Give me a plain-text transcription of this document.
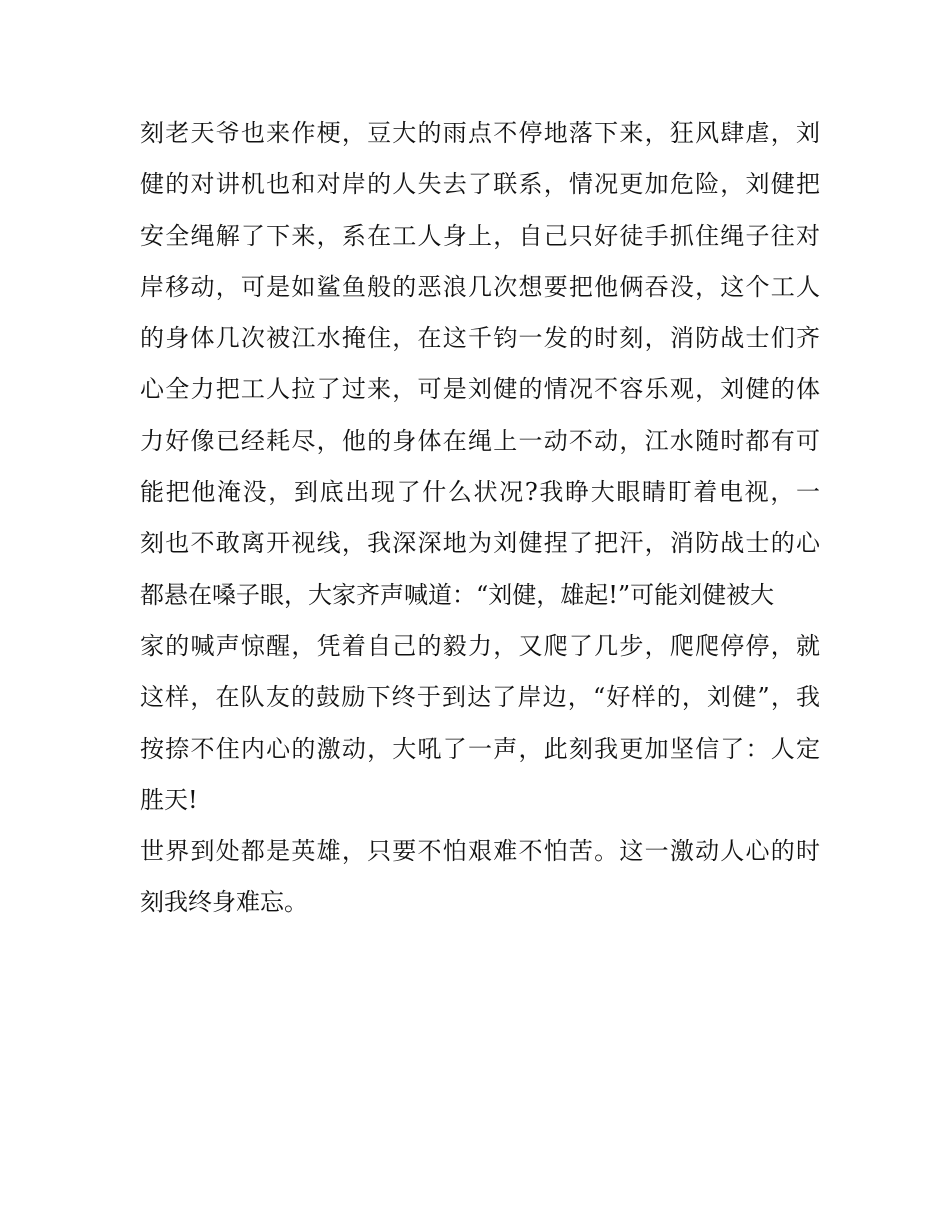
刻老天爷也来作梗，豆大的雨点不停地落下来，狂风肆虐，刘
健的对讲机也和对岸的人失去了联系，情况更加危险，刘健把
安全绳解了下来，系在工人身上，自己只好徒手抓住绳子往对
岸移动，可是如鲨鱼般的恶浪几次想要把他俩吞没，这个工人
的身体几次被江水掩住，在这千钧一发的时刻，消防战士们齐
心全力把工人拉了过来，可是刘健的情况不容乐观，刘健的体
力好像已经耗尽，他的身体在绳上一动不动，江水随时都有可
能把他淹没，到底出现了什么状况?我睁大眼睛盯着电视，一
刻也不敢离开视线，我深深地为刘健捏了把汗，消防战士的心
都悬在嗓子眼，大家齐声喊道：“刘健，雄起!”可能刘健被大
家的喊声惊醒，凭着自己的毅力，又爬了几步，爬爬停停，就
这样，在队友的鼓励下终于到达了岸边，“好样的，刘健”，我
按捺不住内心的激动，大吼了一声，此刻我更加坚信了：人定
胜天!
世界到处都是英雄，只要不怕艰难不怕苦。这一激动人心的时
刻我终身难忘。
